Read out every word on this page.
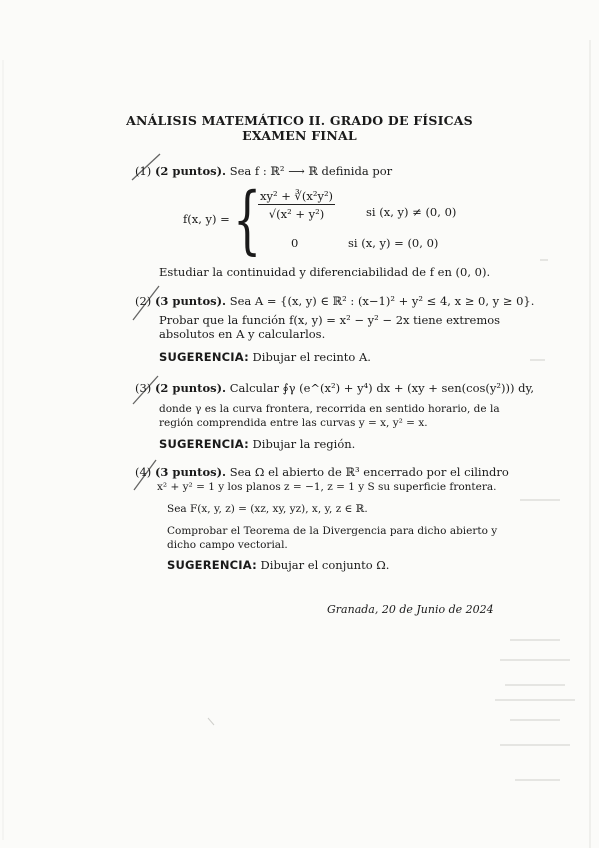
ANÁLISIS MATEMÁTICO II. GRADO DE FÍSICAS
EXAMEN FINAL
(1) (2 puntos). Sea f : ℝ² ⟶ ℝ definida por
f(x, y) = {
$\frac{\text{xy² + ∛(x²y²)}}{\text{√(x² + y²)}}$	si (x, y) ≠ (0, 0)
0	si (x, y) = (0, 0)
Estudiar la continuidad y diferenciabilidad de f en (0, 0).
(2) (3 puntos). Sea A = {(x, y) ∈ ℝ² : (x−1)² + y² ≤ 4, x ≥ 0, y ≥ 0}.
Probar que la función f(x, y) = x² − y² − 2x tiene extremos
absolutos en A y calcularlos.
SUGERENCIA: Dibujar el recinto A.
(3) (2 puntos). Calcular ∮γ (e^(x²) + y⁴) dx + (xy + sen(cos(y²))) dy,
donde γ es la curva frontera, recorrida en sentido horario, de la
región comprendida entre las curvas y = x, y² = x.
SUGERENCIA: Dibujar la región.
(4) (3 puntos). Sea Ω el abierto de ℝ³ encerrado por el cilindro
x² + y² = 1 y los planos z = −1, z = 1 y S su superficie frontera.
Sea F(x, y, z) = (xz, xy, yz), x, y, z ∈ ℝ.
Comprobar el Teorema de la Divergencia para dicho abierto y
dicho campo vectorial.
SUGERENCIA: Dibujar el conjunto Ω.
Granada, 20 de Junio de 2024
